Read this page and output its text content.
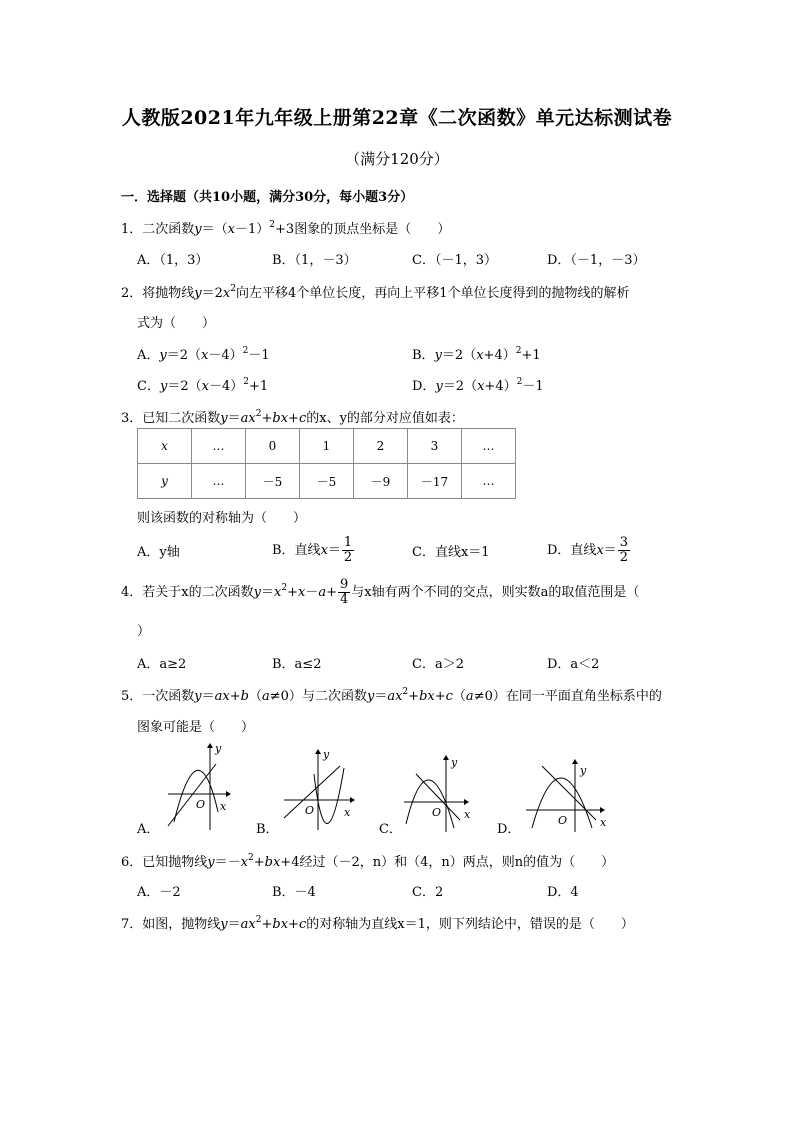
人教版2021年九年级上册第22章《二次函数》单元达标测试卷
（满分120分）
一．选择题（共10小题，满分30分，每小题3分）
1．二次函数$y=(x-1)^2+3$图象的顶点坐标是（　　）
A．（1，3）	B．（1，－3）	C．（－1，3）	D．（－1，－3）
2．将抛物线$y=2x^2$向左平移4个单位长度，再向上平移1个单位长度得到的抛物线的解析
式为（　　）
A．$y=2(x-4)^2-1$	B．$y=2(x+4)^2+1$
C．$y=2(x-4)^2+1$	D．$y=2(x+4)^2-1$
3．已知二次函数$y=ax^2+bx+c$的x、y的部分对应值如表：
x	…	0	1	2	3	…
y	…	－5	－5	－9	－17	…
则该函数的对称轴为（　　）
A．y轴	B．直线$x= \frac{1}{2}$	C．直线x＝1	D．直线$x= \frac{3}{2}$
4．若关于x的二次函数$y=x^2+x-a+ \frac{9}{4}$ 与x轴有两个不同的交点，则实数a的取值范围是（
）
A．a≥2	B．a≤2	C．a＞2	D．a＜2
5．一次函数y＝ax+b（a≠0）与二次函数$y=ax^2+bx+c(a\ne 0)$在同一平面直角坐标系中的
图象可能是（　　）
A．	B．	C．	D．
y
x
O
y
x
O
y
x
O
y
x
O
6．已知抛物线$y=-x^2+bx+4$经过（－2，n）和（4，n）两点，则n的值为（　　）
A．－2	B．－4	C．2	D．4
7．如图，抛物线$y=ax^2+bx+c$的对称轴为直线x＝1，则下列结论中，错误的是（　　）
